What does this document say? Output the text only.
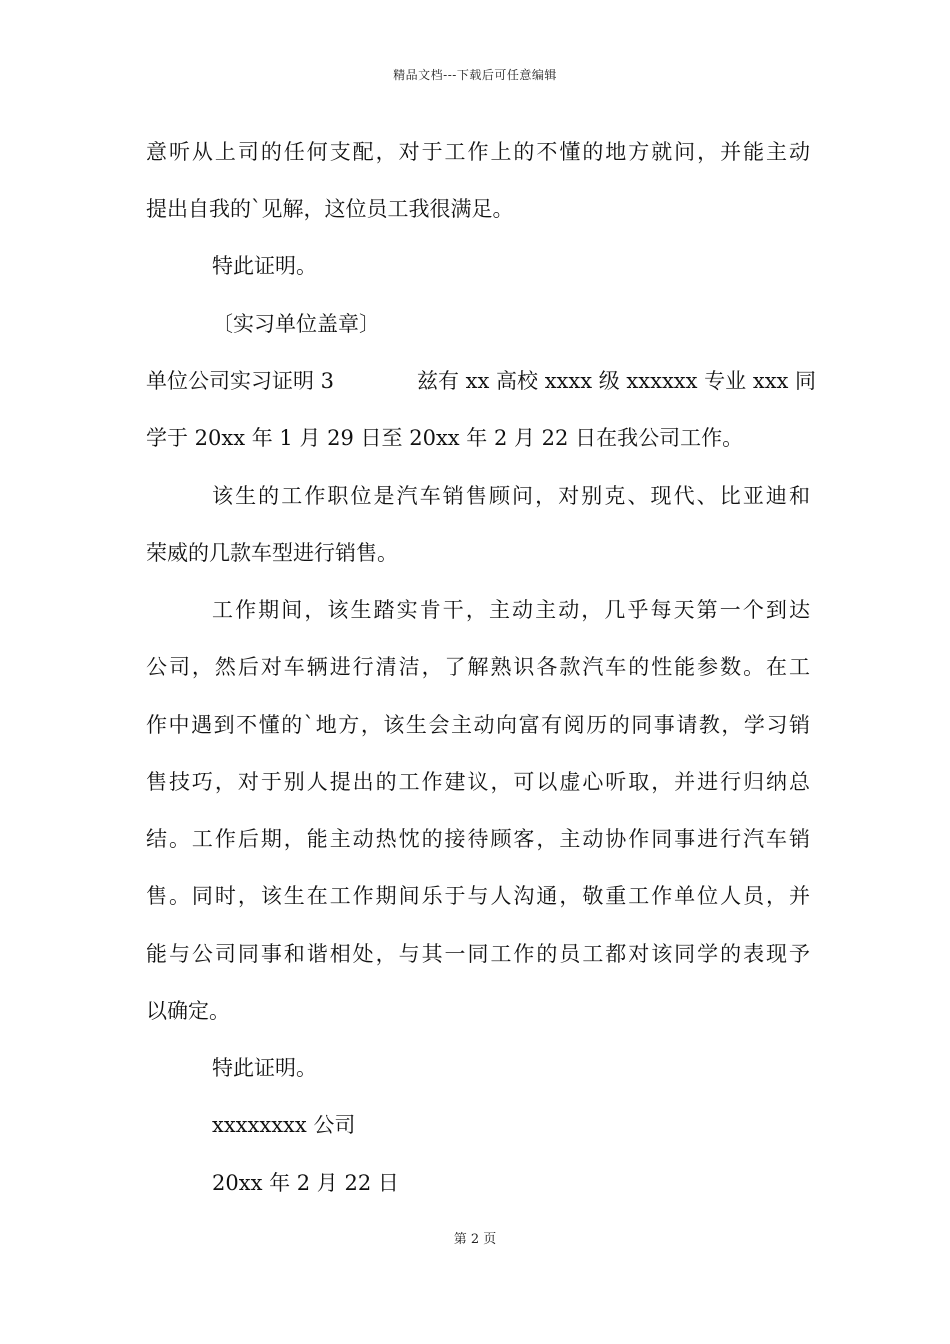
精品文档---下载后可任意编辑
意听从上司的任何支配，对于工作上的不懂的地方就问，并能主动
提出自我的`见解，这位员工我很满足。
特此证明。
〔实习单位盖章〕
单位公司实习证明 3	兹有 xx 高校 xxxx 级 xxxxxx 专业 xxx 同
学于 20xx 年 1 月 29 日至 20xx 年 2 月 22 日在我公司工作。
该生的工作职位是汽车销售顾问，对别克、现代、比亚迪和
荣威的几款车型进行销售。
工作期间，该生踏实肯干，主动主动，几乎每天第一个到达
公司，然后对车辆进行清洁，了解熟识各款汽车的性能参数。在工
作中遇到不懂的`地方，该生会主动向富有阅历的同事请教，学习销
售技巧，对于别人提出的工作建议，可以虚心听取，并进行归纳总
结。工作后期，能主动热忱的接待顾客，主动协作同事进行汽车销
售。同时，该生在工作期间乐于与人沟通，敬重工作单位人员，并
能与公司同事和谐相处，与其一同工作的员工都对该同学的表现予
以确定。
特此证明。
xxxxxxxx 公司
20xx 年 2 月 22 日
第 2 页
